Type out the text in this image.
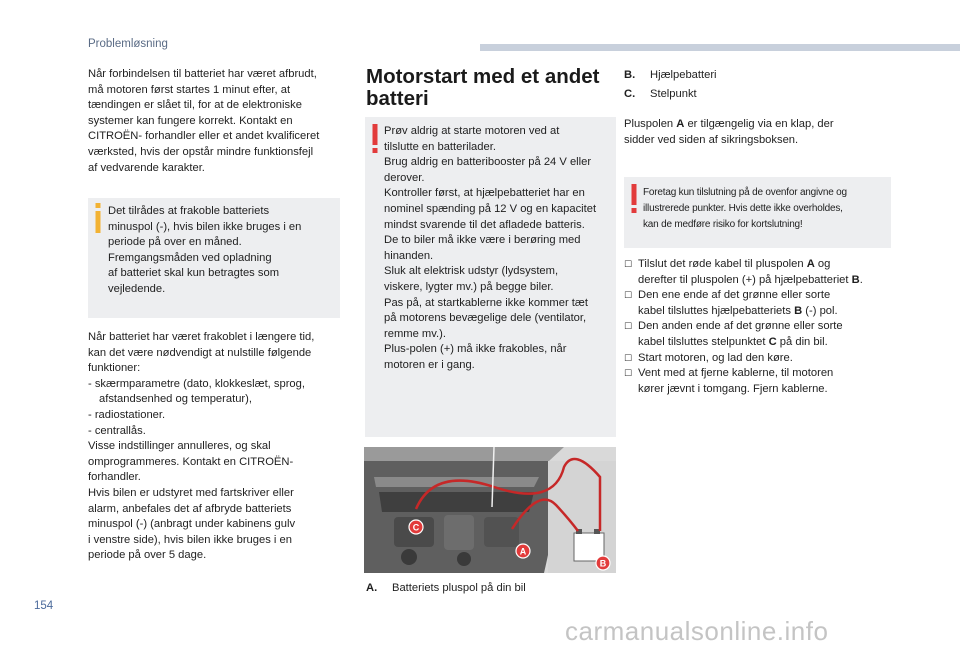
Problemløsning
Når forbindelsen til batteriet har været afbrudt,
må motoren først startes 1 minut efter, at
tændingen er slået til, for at de elektroniske
systemer kan fungere korrekt. Kontakt en
CITROËN- forhandler eller et andet kvalificeret
værksted, hvis der opstår mindre funktionsfejl
af vedvarende karakter.
Det tilrådes at frakoble batteriets
minuspol (-), hvis bilen ikke bruges i en
periode på over en måned.
Fremgangsmåden ved opladning
af batteriet skal kun betragtes som
vejledende.
Når batteriet har været frakoblet i længere tid,
kan det være nødvendigt at nulstille følgende
funktioner:
- skærmparametre (dato, klokkeslæt, sprog,
afstandsenhed og temperatur),
- radiostationer.
- centrallås.
Visse indstillinger annulleres, og skal
omprogrammeres. Kontakt en CITROËN-
forhandler.
Hvis bilen er udstyret med fartskriver eller
alarm, anbefales det af afbryde batteriets
minuspol (-) (anbragt under kabinens gulv
i venstre side), hvis bilen ikke bruges i en
periode på over 5 dage.
Motorstart med et andet
batteri
Prøv aldrig at starte motoren ved at
tilslutte en batterilader.
Brug aldrig en batteribooster på 24 V eller
derover.
Kontroller først, at hjælpebatteriet har en
nominel spænding på 12 V og en kapacitet
mindst svarende til det afladede batteris.
De to biler må ikke være i berøring med
hinanden.
Sluk alt elektrisk udstyr (lydsystem,
viskere, lygter mv.) på begge biler.
Pas på, at startkablerne ikke kommer tæt
på motorens bevægelige dele (ventilator,
remme mv.).
Plus-polen (+) må ikke frakobles, når
motoren er i gang.
C
A
B
A. Batteriets pluspol på din bil
B. Hjælpebatteri
C. Stelpunkt
Pluspolen A er tilgængelig via en klap, der
sidder ved siden af sikringsboksen.
Foretag kun tilslutning på de ovenfor angivne og
illustrerede punkter. Hvis dette ikke overholdes,
kan de medføre risiko for kortslutning!
☐ Tilslut det røde kabel til pluspolen A og
derefter til pluspolen (+) på hjælpebatteriet B.
☐ Den ene ende af det grønne eller sorte
kabel tilsluttes hjælpebatteriets B (-) pol.
☐ Den anden ende af det grønne eller sorte
kabel tilsluttes stelpunktet C på din bil.
☐ Start motoren, og lad den køre.
☐ Vent med at fjerne kablerne, til motoren
kører jævnt i tomgang. Fjern kablerne.
154
carmanualsonline.info
